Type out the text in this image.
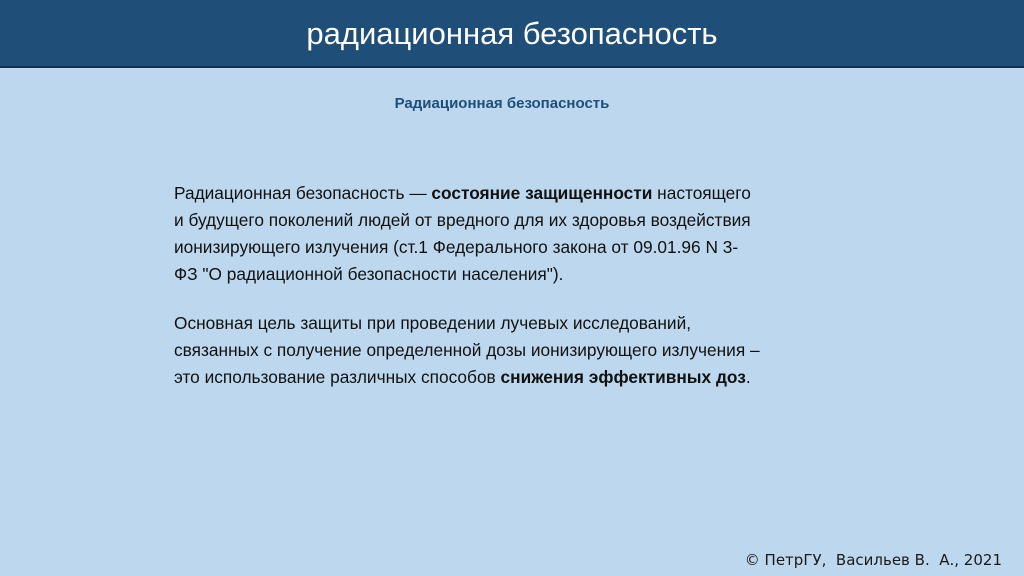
радиационная безопасность
Радиационная безопасность

Радиационная безопасность — состояние защищенности настоящего
и будущего поколений людей от вредного для их здоровья воздействия
ионизирующего излучения (ст.1 Федерального закона от 09.01.96 N 3-
ФЗ "О радиационной безопасности населения").

Основная цель защиты при проведении лучевых исследований,
связанных с получение определенной дозы ионизирующего излучения –
это использование различных способов снижения эффективных доз.

© ПетрГУ,  Васильев В.  А., 2021
